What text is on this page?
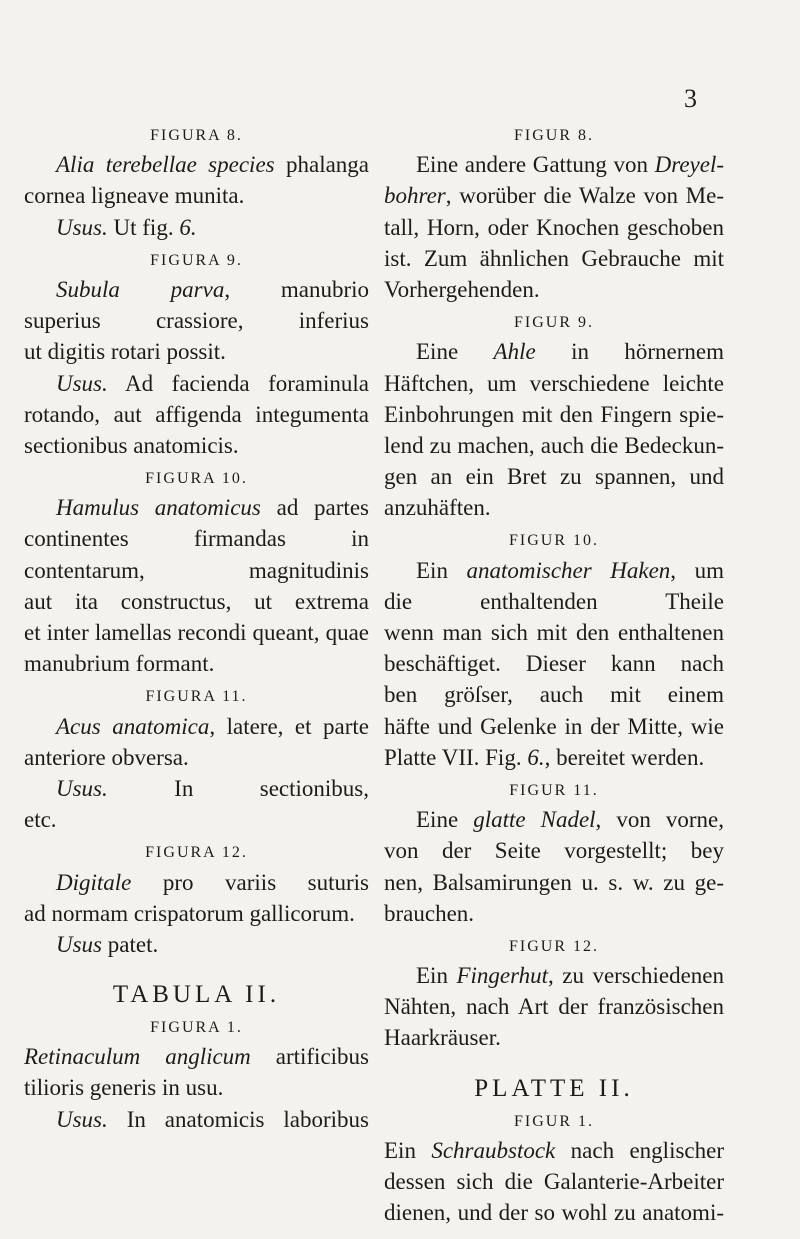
3
FIGURA 8.
Alia terebellae species phalanga
cornea ligneave munita.
Usus. Ut fig. 6.
FIGURA 9.
Subula parva, manubrio
superius crassiore, inferius
ut digitis rotari possit.
Usus. Ad facienda foraminula
rotando, aut affigenda integumenta
sectionibus anatomicis.
FIGURA 10.
Hamulus anatomicus ad partes
continentes firmandas in
contentarum, magnitudinis
aut ita constructus, ut extrema
et inter lamellas recondi queant, quae
manubrium formant.
FIGURA 11.
Acus anatomica, latere, et parte
anteriore obversa.
Usus.	In sectionibus,
etc.
FIGURA 12.
Digitale pro variis suturis
ad normam crispatorum gallicorum.
Usus patet.
TABULA II.
FIGURA 1.
Retinaculum anglicum artificibus
tilioris generis in usu.
Usus. In anatomicis laboribus
FIGUR 8.
Eine andere Gattung von Dreyel-
bohrer, worüber die Walze von Me-
tall, Horn, oder Knochen geschoben
ist. Zum ähnlichen Gebrauche mit
Vorhergehenden.
FIGUR 9.
Eine Ahle in hörnernem
Häftchen, um verschiedene leichte
Einbohrungen mit den Fingern spie-
lend zu machen, auch die Bedeckun-
gen an ein Bret zu spannen, und
anzuhäften.
FIGUR 10.
Ein anatomischer Haken, um
die enthaltenden Theile
wenn man sich mit den enthaltenen
beschäftiget. Dieser kann nach
ben gröſser, auch mit einem
häfte und Gelenke in der Mitte, wie
Platte VII. Fig. 6., bereitet werden.
FIGUR 11.
Eine glatte Nadel, von vorne,
von der Seite vorgestellt; bey
nen, Balsamirungen u. s. w. zu ge-
brauchen.
FIGUR 12.
Ein Fingerhut, zu verschiedenen
Nähten, nach Art der französischen
Haarkräuser.
PLATTE II.
FIGUR 1.
Ein Schraubstock nach englischer
dessen sich die Galanterie-Arbeiter
dienen, und der so wohl zu anatomi-
